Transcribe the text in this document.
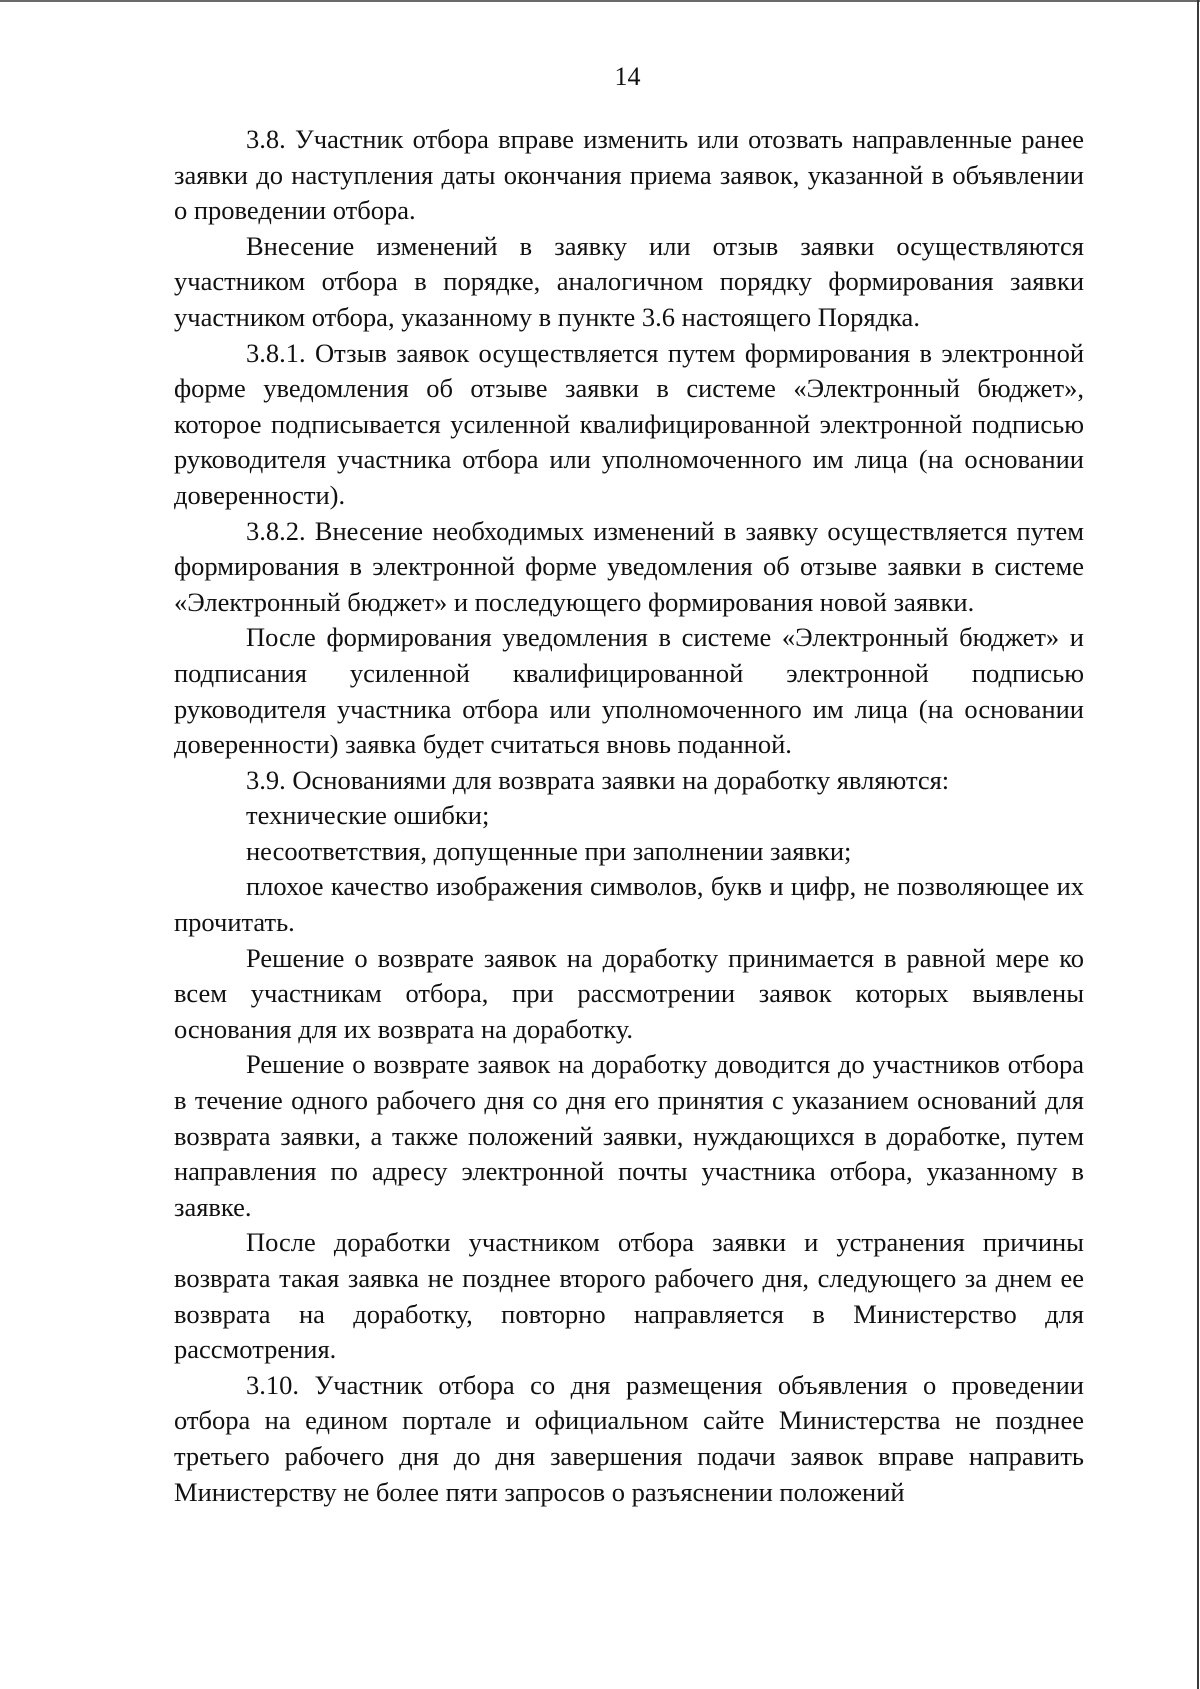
14

3.8. Участник отбора вправе изменить или отозвать направленные ранее заявки до наступления даты окончания приема заявок, указанной в объявлении о проведении отбора.

Внесение изменений в заявку или отзыв заявки осуществляются участником отбора в порядке, аналогичном порядку формирования заявки участником отбора, указанному в пункте 3.6 настоящего Порядка.

3.8.1. Отзыв заявок осуществляется путем формирования в электронной форме уведомления об отзыве заявки в системе «Электронный бюджет», которое подписывается усиленной квалифицированной электронной подписью руководителя участника отбора или уполномоченного им лица (на основании доверенности).

3.8.2. Внесение необходимых изменений в заявку осуществляется путем формирования в электронной форме уведомления об отзыве заявки в системе «Электронный бюджет» и последующего формирования новой заявки.

После формирования уведомления в системе «Электронный бюджет» и подписания усиленной квалифицированной электронной подписью руководителя участника отбора или уполномоченного им лица (на основании доверенности) заявка будет считаться вновь поданной.

3.9. Основаниями для возврата заявки на доработку являются:

технические ошибки;

несоответствия, допущенные при заполнении заявки;

плохое качество изображения символов, букв и цифр, не позволяющее их прочитать.

Решение о возврате заявок на доработку принимается в равной мере ко всем участникам отбора, при рассмотрении заявок которых выявлены основания для их возврата на доработку.

Решение о возврате заявок на доработку доводится до участников отбора в течение одного рабочего дня со дня его принятия с указанием оснований для возврата заявки, а также положений заявки, нуждающихся в доработке, путем направления по адресу электронной почты участника отбора, указанному в заявке.

После доработки участником отбора заявки и устранения причины возврата такая заявка не позднее второго рабочего дня, следующего за днем ее возврата на доработку, повторно направляется в Министерство для рассмотрения.

3.10. Участник отбора со дня размещения объявления о проведении отбора на едином портале и официальном сайте Министерства не позднее третьего рабочего дня до дня завершения подачи заявок вправе направить Министерству не более пяти запросов о разъяснении положений
